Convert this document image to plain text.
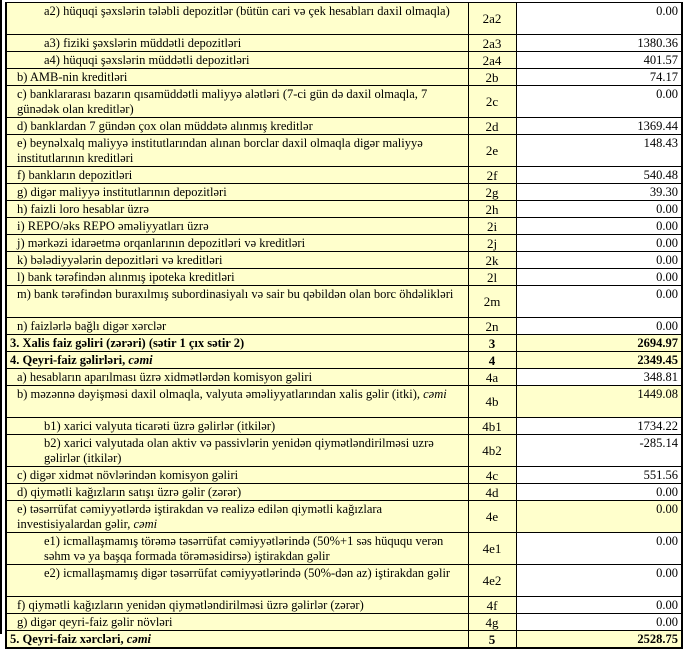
a2) hüquqi şəxslərin tələbli depozitlər (bütün cari və çek hesabları daxil olmaqla)	2a2	0.00
a3) fiziki şəxslərin müddətli depozitləri	2a3	1380.36
a4) hüquqi şəxslərin müddətli depozitləri	2a4	401.57
b) AMB-nin kreditləri	2b	74.17
c) banklararası bazarın qısamüddətli maliyyə alətləri (7-ci gün də daxil olmaqla, 7 günədək olan kreditlər)	2c	0.00
d) banklardan 7 gündən çox olan müddətə alınmış kreditlər	2d	1369.44
e) beynəlxalq maliyyə institutlarından alınan borclar daxil olmaqla digər maliyyə institutlarının kreditləri	2e	148.43
f) bankların depozitləri	2f	540.48
g) digər maliyyə institutlarının depozitləri	2g	39.30
h) faizli loro hesablar üzrə	2h	0.00
i) REPO/əks REPO əməliyyatları üzrə	2i	0.00
j) mərkəzi idarəetmə orqanlarının depozitləri və kreditləri	2j	0.00
k) bələdiyyələrin depozitləri və kreditləri	2k	0.00
l) bank tərəfindən alınmış ipoteka kreditləri	2l	0.00
m) bank tərəfindən buraxılmış subordinasiyalı və sair bu qəbildən olan borc öhdəlikləri	2m	0.00
n) faizlərlə bağlı digər xərclər	2n	0.00
3. Xalis faiz gəliri (zərəri) (sətir 1 çıx sətir 2)	3	2694.97
4. Qeyri-faiz gəlirləri, cəmi	4	2349.45
a) hesabların aparılması üzrə xidmətlərdən komisyon gəliri	4a	348.81
b) məzənnə dəyişməsi daxil olmaqla, valyuta əməliyyatlarından xalis gəlir (itki), cəmi	4b	1449.08
b1) xarici valyuta ticarəti üzrə gəlirlər (itkilər)	4b1	1734.22
b2) xarici valyutada olan aktiv və passivlərin yenidən qiymətləndirilməsi uzrə gəlirlər (itkilər)	4b2	-285.14
c) digər xidmət növlərindən komisyon gəliri	4c	551.56
d) qiymətli kağızların satışı üzrə gəlir (zərər)	4d	0.00
e) təsərrüfat cəmiyyətlərdə iştirakdan və realizə edilən qiymətli kağızlara investisiyalardan gəlir, cəmi	4e	0.00
e1) icmallaşmamış törəmə təsərrüfat cəmiyyətlərində (50%+1 səs hüququ verən səhm və ya başqa formada törəməsidirsə) iştirakdan gəlir	4e1	0.00
e2) icmallaşmamış digər təsərrüfat cəmiyyətlərində (50%-dən az) iştirakdan gəlir	4e2	0.00
f) qiymətli kağızların yenidən qiymətləndirilməsi üzrə gəlirlər (zərər)	4f	0.00
g) digər qeyri-faiz gəlir növləri	4g	0.00
5. Qeyri-faiz xərcləri, cəmi	5	2528.75
